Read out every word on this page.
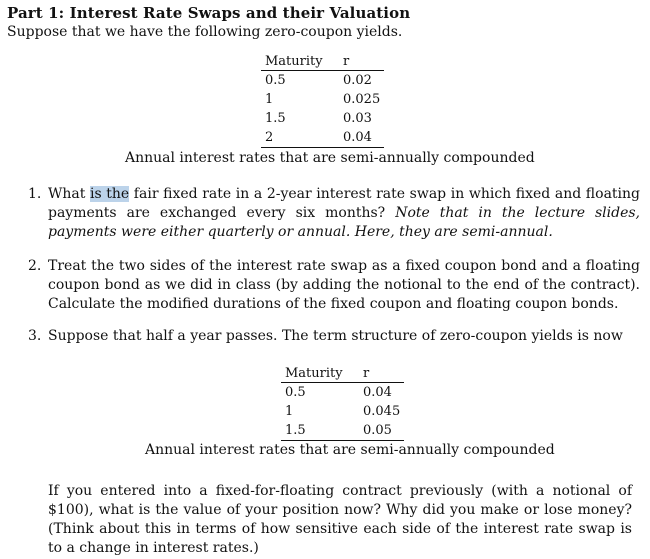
Part 1: Interest Rate Swaps and their Valuation
Suppose that we have the following zero-coupon yields.
Maturity	r
0.5	0.02
1	0.025
1.5	0.03
2	0.04
Annual interest rates that are semi-annually compounded
1. What is the fair fixed rate in a 2-year interest rate swap in which fixed and floating payments are exchanged every six months? Note that in the lecture slides, payments were either quarterly or annual. Here, they are semi-annual.
2. Treat the two sides of the interest rate swap as a fixed coupon bond and a floating coupon bond as we did in class (by adding the notional to the end of the contract). Calculate the modified durations of the fixed coupon and floating coupon bonds.
3. Suppose that half a year passes. The term structure of zero-coupon yields is now
Maturity	r
0.5	0.04
1	0.045
1.5	0.05
Annual interest rates that are semi-annually compounded
If you entered into a fixed-for-floating contract previously (with a notional of $100), what is the value of your position now? Why did you make or lose money? (Think about this in terms of how sensitive each side of the interest rate swap is to a change in interest rates.)
